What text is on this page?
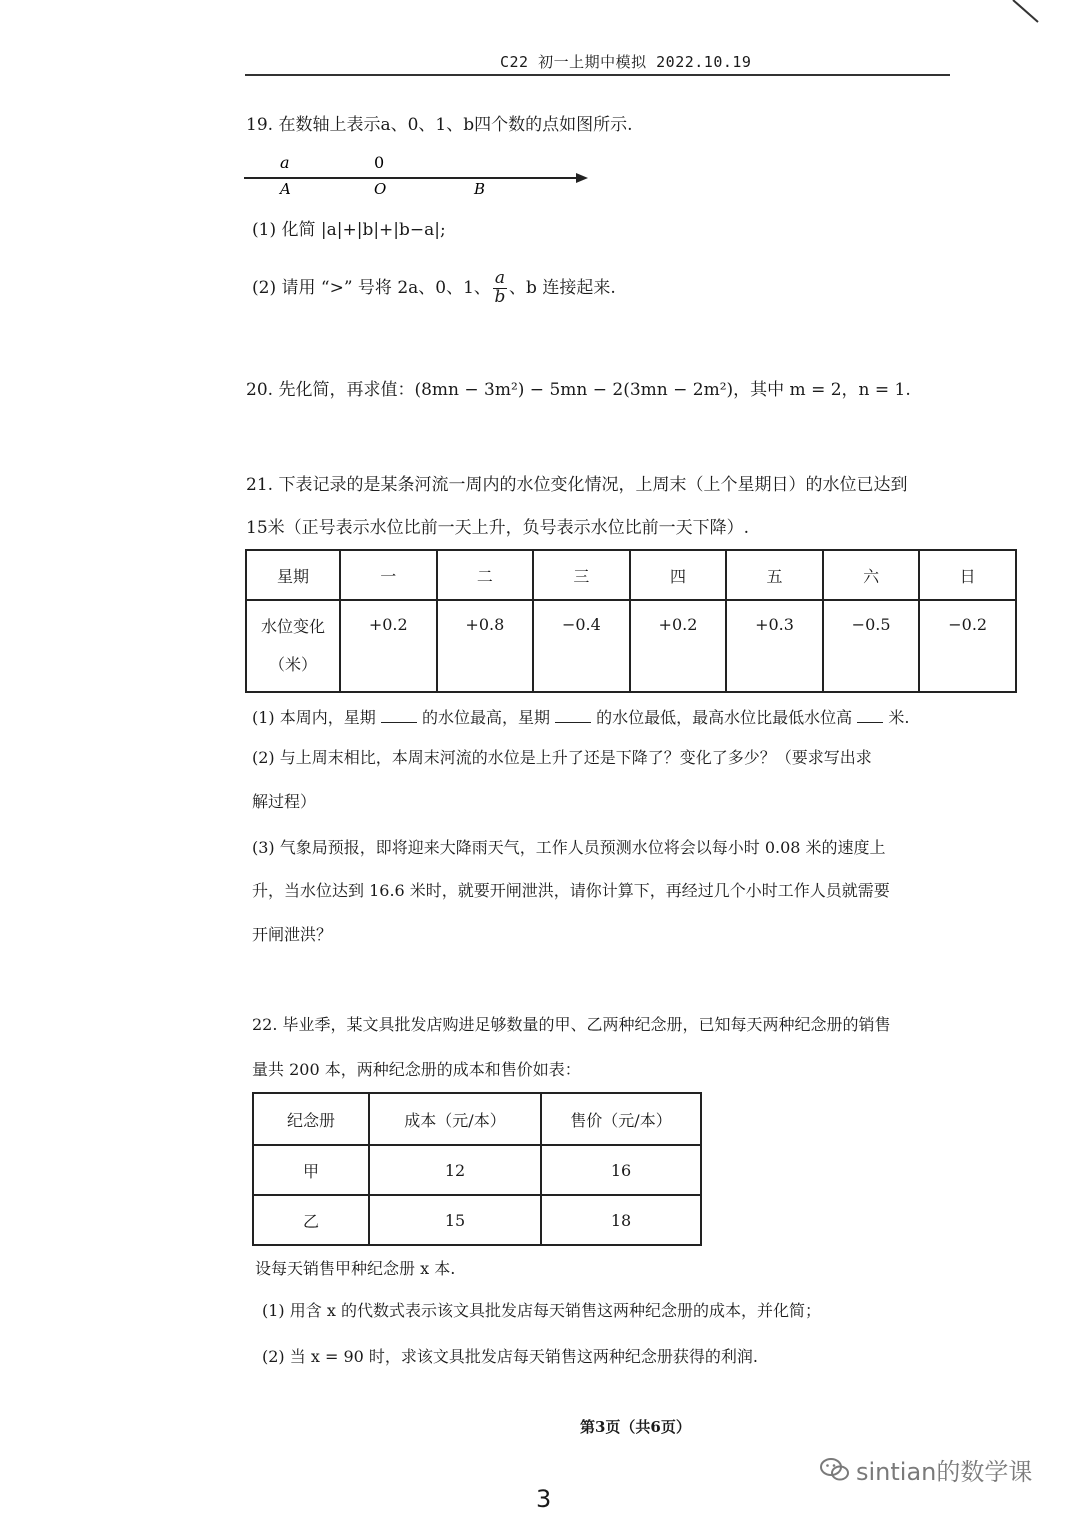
C22 初一上期中模拟 2022.10.19
19. 在数轴上表示a、0、1、b四个数的点如图所示.
a	0
A	O	B
(1) 化简 |a|+|b|+|b−a|;
(2) 请用 “>” 号将 2a、0、1、 $\frac{a}{b}$ 、b 连接起来.
20. 先化简，再求值：(8mn − 3m²) − 5mn − 2(3mn − 2m²)，其中 m = 2，n = 1.
21. 下表记录的是某条河流一周内的水位变化情况，上周末（上个星期日）的水位已达到
15米（正号表示水位比前一天上升，负号表示水位比前一天下降）.
星期	一	二	三	四	五	六	日

水位变化
（米）	+0.2	+0.8	−0.4	+0.2	+0.3	−0.5	−0.2
(1) 本周内，星期	的水位最高，星期	的水位最低，最高水位比最低水位高 米.
(2) 与上周末相比，本周末河流的水位是上升了还是下降了？变化了多少？（要求写出求
解过程）
(3) 气象局预报，即将迎来大降雨天气，工作人员预测水位将会以每小时 0.08 米的速度上
升，当水位达到 16.6 米时，就要开闸泄洪，请你计算下，再经过几个小时工作人员就需要
开闸泄洪？
22. 毕业季，某文具批发店购进足够数量的甲、乙两种纪念册，已知每天两种纪念册的销售
量共 200 本，两种纪念册的成本和售价如表：
纪念册	成本（元/本）	售价（元/本）
甲	12	16
乙	15	18
设每天销售甲种纪念册 x 本.
(1) 用含 x 的代数式表示该文具批发店每天销售这两种纪念册的成本，并化简；
(2) 当 x = 90 时，求该文具批发店每天销售这两种纪念册获得的利润.
第3页（共6页）
sintian的数学课
3
